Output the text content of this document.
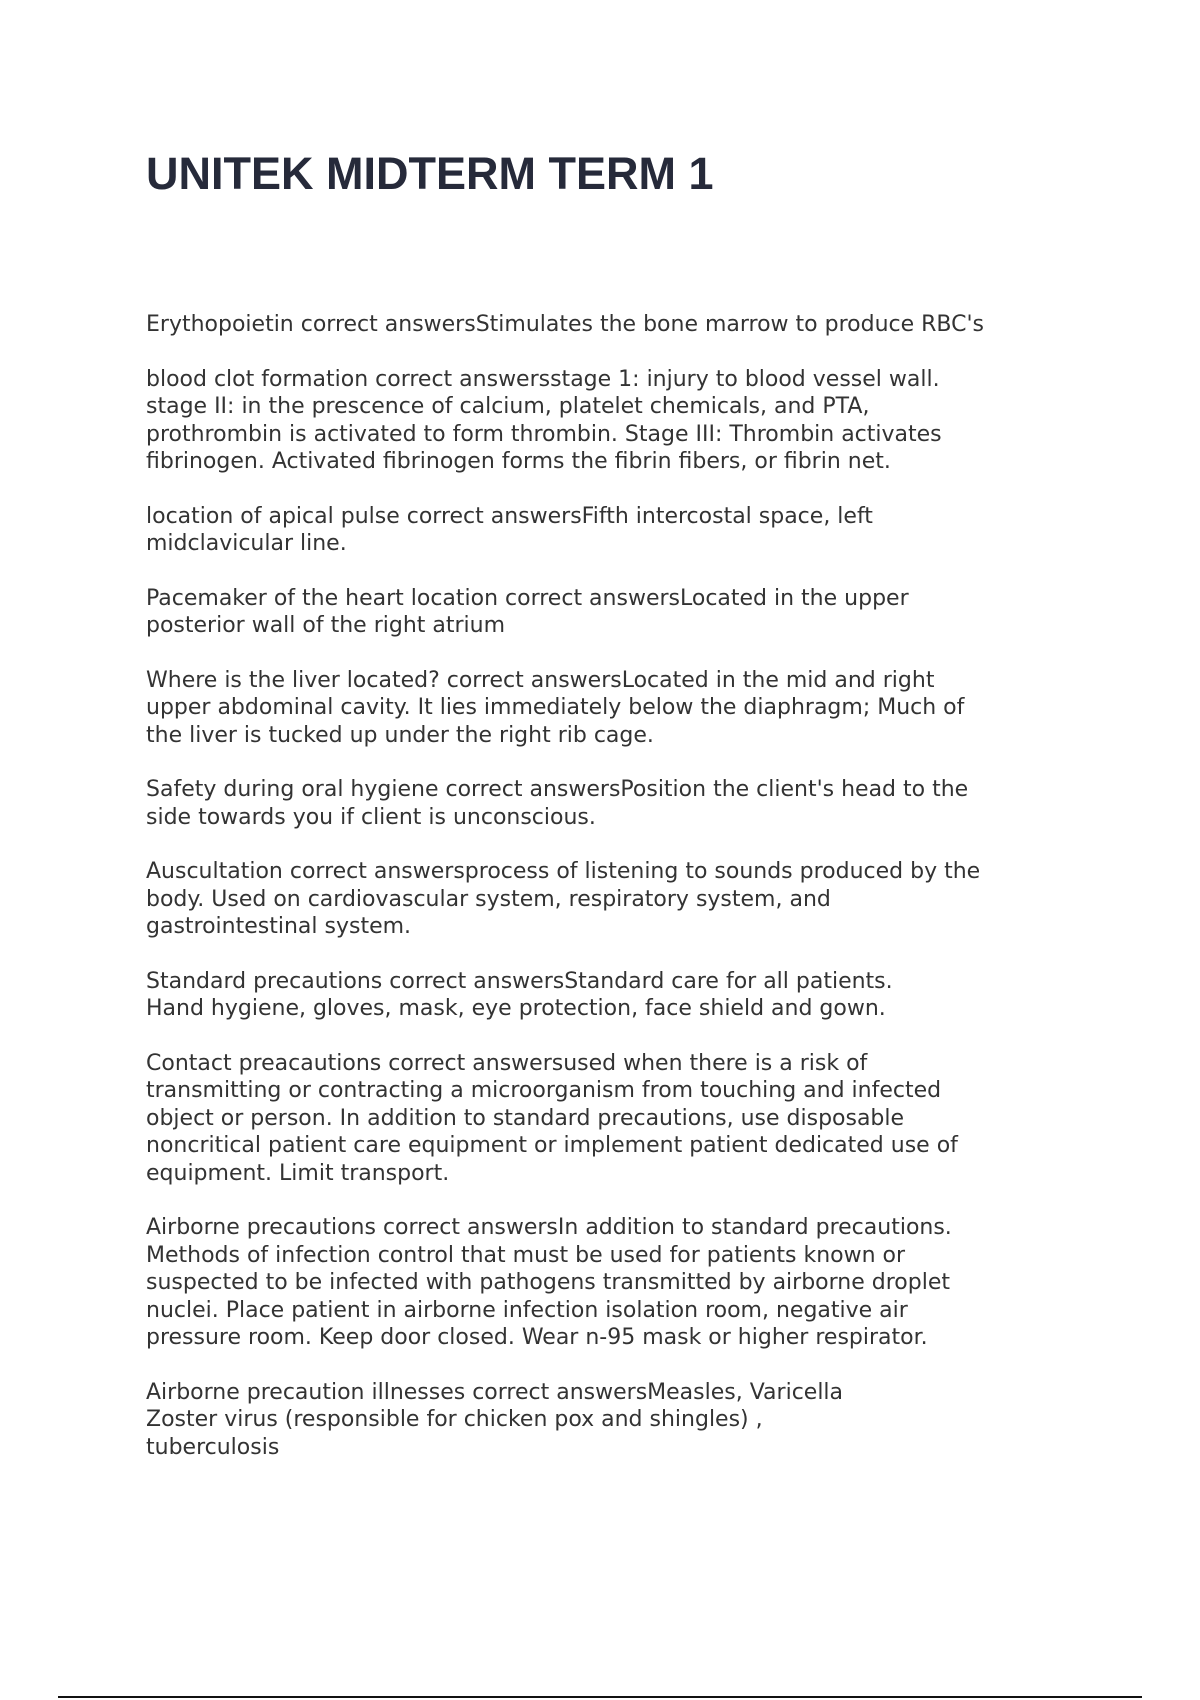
UNITEK MIDTERM TERM 1
Erythopoietin correct answersStimulates the bone marrow to produce RBC's
blood clot formation correct answersstage 1: injury to blood vessel wall.
stage II: in the prescence of calcium, platelet chemicals, and PTA,
prothrombin is activated to form thrombin. Stage III: Thrombin activates
fibrinogen. Activated fibrinogen forms the fibrin fibers, or fibrin net.
location of apical pulse correct answersFifth intercostal space, left
midclavicular line.
Pacemaker of the heart location correct answersLocated in the upper
posterior wall of the right atrium
Where is the liver located? correct answersLocated in the mid and right
upper abdominal cavity. It lies immediately below the diaphragm; Much of
the liver is tucked up under the right rib cage.
Safety during oral hygiene correct answersPosition the client's head to the
side towards you if client is unconscious.
Auscultation correct answersprocess of listening to sounds produced by the
body. Used on cardiovascular system, respiratory system, and
gastrointestinal system.
Standard precautions correct answersStandard care for all patients.
Hand hygiene, gloves, mask, eye protection, face shield and gown.
Contact preacautions correct answersused when there is a risk of
transmitting or contracting a microorganism from touching and infected
object or person. In addition to standard precautions, use disposable
noncritical patient care equipment or implement patient dedicated use of
equipment. Limit transport.
Airborne precautions correct answersIn addition to standard precautions.
Methods of infection control that must be used for patients known or
suspected to be infected with pathogens transmitted by airborne droplet
nuclei. Place patient in airborne infection isolation room, negative air
pressure room. Keep door closed. Wear n-95 mask or higher respirator.
Airborne precaution illnesses correct answersMeasles, Varicella
Zoster virus (responsible for chicken pox and shingles) ,
tuberculosis
